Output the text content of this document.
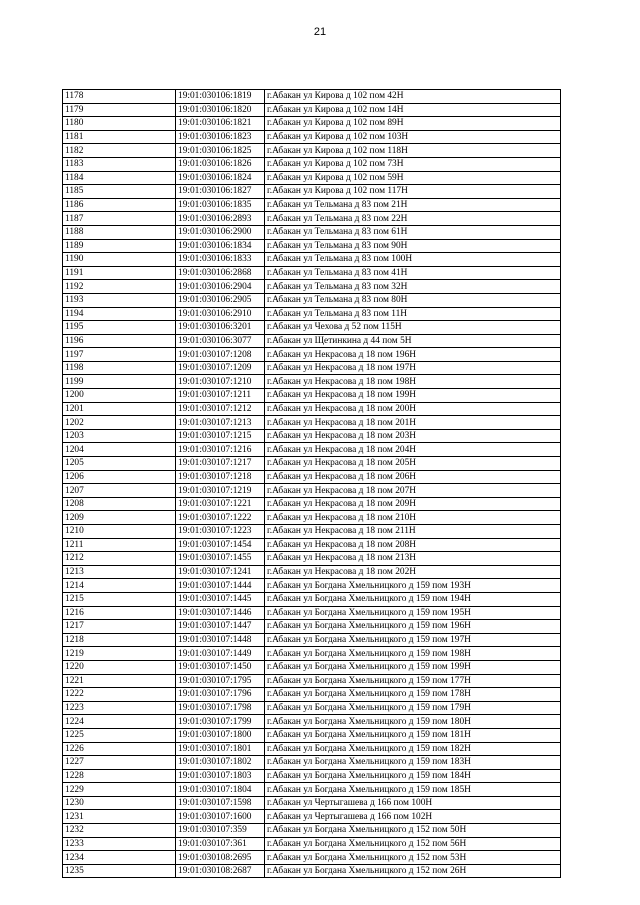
21
1178	19:01:030106:1819	г.Абакан ул Кирова д 102 пом 42Н
1179	19:01:030106:1820	г.Абакан ул Кирова д 102 пом 14Н
1180	19:01:030106:1821	г.Абакан ул Кирова д 102 пом 89Н
1181	19:01:030106:1823	г.Абакан ул Кирова д 102 пом 103Н
1182	19:01:030106:1825	г.Абакан ул Кирова д 102 пом 118Н
1183	19:01:030106:1826	г.Абакан ул Кирова д 102 пом 73Н
1184	19:01:030106:1824	г.Абакан ул Кирова д 102 пом 59Н
1185	19:01:030106:1827	г.Абакан ул Кирова д 102 пом 117Н
1186	19:01:030106:1835	г.Абакан ул Тельмана д 83 пом 21Н
1187	19:01:030106:2893	г.Абакан ул Тельмана д 83 пом 22Н
1188	19:01:030106:2900	г.Абакан ул Тельмана д 83 пом 61Н
1189	19:01:030106:1834	г.Абакан ул Тельмана д 83 пом 90Н
1190	19:01:030106:1833	г.Абакан ул Тельмана д 83 пом 100Н
1191	19:01:030106:2868	г.Абакан ул Тельмана д 83 пом 41Н
1192	19:01:030106:2904	г.Абакан ул Тельмана д 83 пом 32Н
1193	19:01:030106:2905	г.Абакан ул Тельмана д 83 пом 80Н
1194	19:01:030106:2910	г.Абакан ул Тельмана д 83 пом 11Н
1195	19:01:030106:3201	г.Абакан ул Чехова д 52 пом 115Н
1196	19:01:030106:3077	г.Абакан ул Щетинкина д 44 пом 5Н
1197	19:01:030107:1208	г.Абакан ул Некрасова д 18 пом 196Н
1198	19:01:030107:1209	г.Абакан ул Некрасова д 18 пом 197Н
1199	19:01:030107:1210	г.Абакан ул Некрасова д 18 пом 198Н
1200	19:01:030107:1211	г.Абакан ул Некрасова д 18 пом 199Н
1201	19:01:030107:1212	г.Абакан ул Некрасова д 18 пом 200Н
1202	19:01:030107:1213	г.Абакан ул Некрасова д 18 пом 201Н
1203	19:01:030107:1215	г.Абакан ул Некрасова д 18 пом 203Н
1204	19:01:030107:1216	г.Абакан ул Некрасова д 18 пом 204Н
1205	19:01:030107:1217	г.Абакан ул Некрасова д 18 пом 205Н
1206	19:01:030107:1218	г.Абакан ул Некрасова д 18 пом 206Н
1207	19:01:030107:1219	г.Абакан ул Некрасова д 18 пом 207Н
1208	19:01:030107:1221	г.Абакан ул Некрасова д 18 пом 209Н
1209	19:01:030107:1222	г.Абакан ул Некрасова д 18 пом 210Н
1210	19:01:030107:1223	г.Абакан ул Некрасова д 18 пом 211Н
1211	19:01:030107:1454	г.Абакан ул Некрасова д 18 пом 208Н
1212	19:01:030107:1455	г.Абакан ул Некрасова д 18 пом 213Н
1213	19:01:030107:1241	г.Абакан ул Некрасова д 18 пом 202Н
1214	19:01:030107:1444	г.Абакан ул Богдана Хмельницкого д 159 пом 193Н
1215	19:01:030107:1445	г.Абакан ул Богдана Хмельницкого д 159 пом 194Н
1216	19:01:030107:1446	г.Абакан ул Богдана Хмельницкого д 159 пом 195Н
1217	19:01:030107:1447	г.Абакан ул Богдана Хмельницкого д 159 пом 196Н
1218	19:01:030107:1448	г.Абакан ул Богдана Хмельницкого д 159 пом 197Н
1219	19:01:030107:1449	г.Абакан ул Богдана Хмельницкого д 159 пом 198Н
1220	19:01:030107:1450	г.Абакан ул Богдана Хмельницкого д 159 пом 199Н
1221	19:01:030107:1795	г.Абакан ул Богдана Хмельницкого д 159 пом 177Н
1222	19:01:030107:1796	г.Абакан ул Богдана Хмельницкого д 159 пом 178Н
1223	19:01:030107:1798	г.Абакан ул Богдана Хмельницкого д 159 пом 179Н
1224	19:01:030107:1799	г.Абакан ул Богдана Хмельницкого д 159 пом 180Н
1225	19:01:030107:1800	г.Абакан ул Богдана Хмельницкого д 159 пом 181Н
1226	19:01:030107:1801	г.Абакан ул Богдана Хмельницкого д 159 пом 182Н
1227	19:01:030107:1802	г.Абакан ул Богдана Хмельницкого д 159 пом 183Н
1228	19:01:030107:1803	г.Абакан ул Богдана Хмельницкого д 159 пом 184Н
1229	19:01:030107:1804	г.Абакан ул Богдана Хмельницкого д 159 пом 185Н
1230	19:01:030107:1598	г.Абакан ул Чертыгашева д 166 пом 100Н
1231	19:01:030107:1600	г.Абакан ул Чертыгашева д 166 пом 102Н
1232	19:01:030107:359	г.Абакан ул Богдана Хмельницкого д 152 пом 50Н
1233	19:01:030107:361	г.Абакан ул Богдана Хмельницкого д 152 пом 56Н
1234	19:01:030108:2695	г.Абакан ул Богдана Хмельницкого д 152 пом 53Н
1235	19:01:030108:2687	г.Абакан ул Богдана Хмельницкого д 152 пом 26Н
